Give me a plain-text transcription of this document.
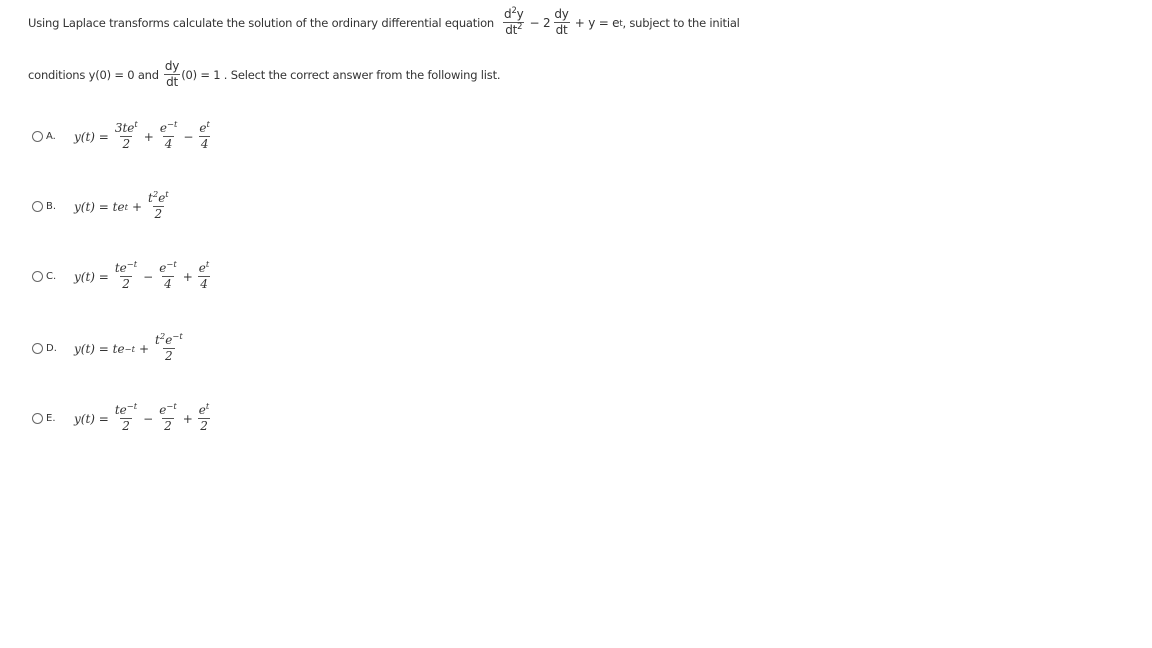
Using Laplace transforms calculate the solution of the ordinary differential equation $\frac{d^2y}{dt^2} - 2 \frac{dy}{dt} + y = e$ t , subject to the initial
conditions y(0) = 0 and $\frac{dy}{dt} (0) = 1$ . Select the correct answer from the following list.
A.	$y(t) = \frac{3te^t}{2} + \frac{e^{-t}}{4} - \frac{e^t}{4}$
B.	y(t) = te $t + \frac{t^2e^t}{2}$
C.	$y(t) = \frac{te^{-t}}{2} - \frac{e^{-t}}{4} + \frac{e^t}{4}$
D.	y(t) = te $-t + \frac{t^2e^{-t}}{2}$
E.	$y(t) = \frac{te^{-t}}{2} - \frac{e^{-t}}{2} + \frac{e^t}{2}$
